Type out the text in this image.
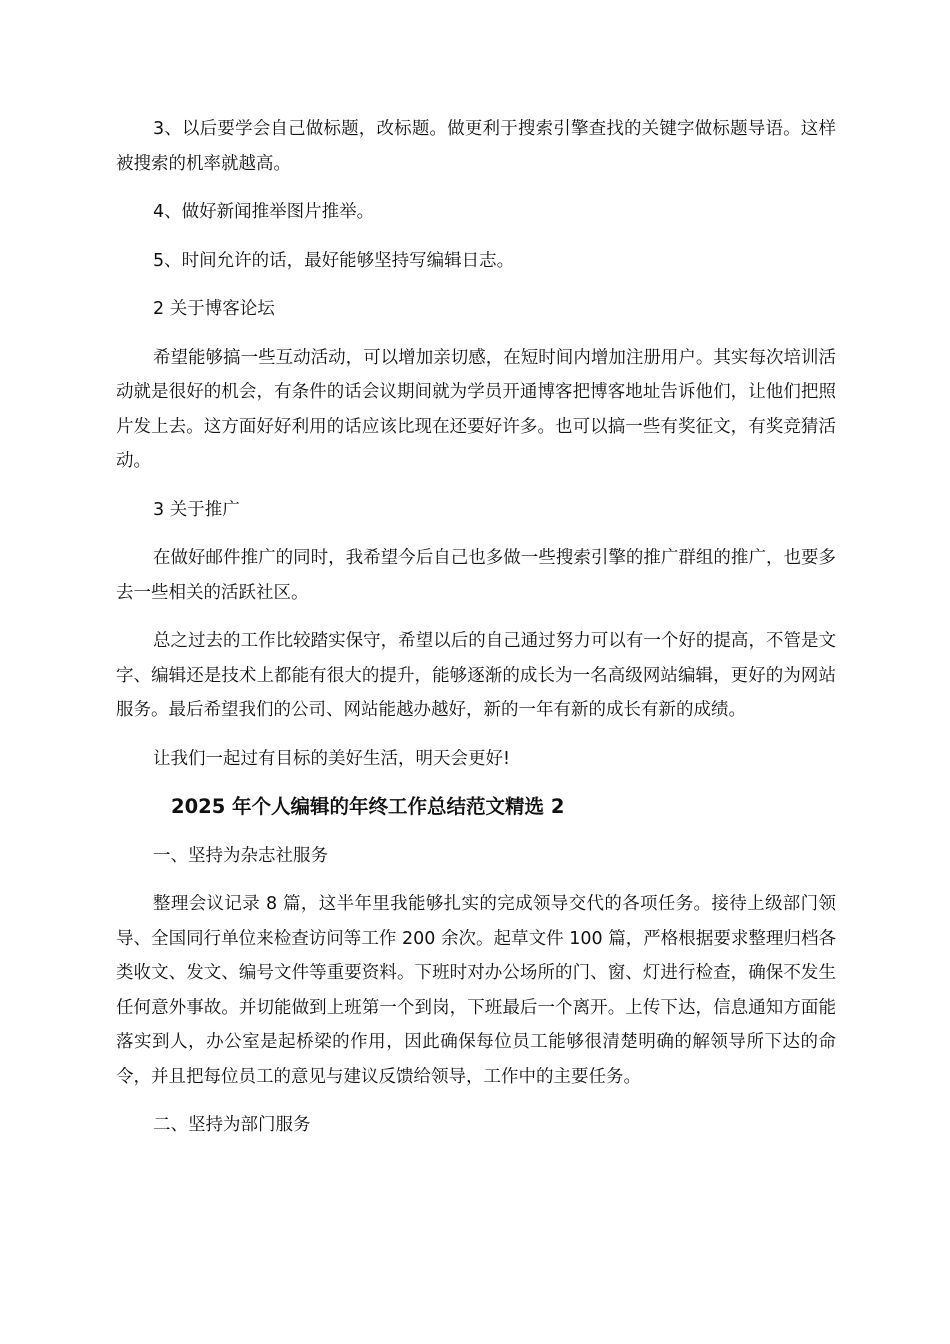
3、以后要学会自己做标题，改标题。做更利于搜索引擎查找的关键字做标题导语。这样被搜索的机率就越高。

4、做好新闻推举图片推举。

5、时间允许的话，最好能够坚持写编辑日志。

2 关于博客论坛

希望能够搞一些互动活动，可以增加亲切感，在短时间内增加注册用户。其实每次培训活动就是很好的机会，有条件的话会议期间就为学员开通博客把博客地址告诉他们，让他们把照片发上去。这方面好好利用的话应该比现在还要好许多。也可以搞一些有奖征文，有奖竞猜活动。

3 关于推广

在做好邮件推广的同时，我希望今后自己也多做一些搜索引擎的推广群组的推广，也要多去一些相关的活跃社区。

总之过去的工作比较踏实保守，希望以后的自己通过努力可以有一个好的提高，不管是文字、编辑还是技术上都能有很大的提升，能够逐渐的成长为一名高级网站编辑，更好的为网站服务。最后希望我们的公司、网站能越办越好，新的一年有新的成长有新的成绩。

让我们一起过有目标的美好生活，明天会更好!

2025 年个人编辑的年终工作总结范文精选 2

一、坚持为杂志社服务

整理会议记录 8 篇，这半年里我能够扎实的完成领导交代的各项任务。接待上级部门领导、全国同行单位来检查访问等工作 200 余次。起草文件 100 篇，严格根据要求整理归档各类收文、发文、编号文件等重要资料。下班时对办公场所的门、窗、灯进行检查，确保不发生任何意外事故。并切能做到上班第一个到岗，下班最后一个离开。上传下达，信息通知方面能落实到人，办公室是起桥梁的作用，因此确保每位员工能够很清楚明确的解领导所下达的命令，并且把每位员工的意见与建议反馈给领导，工作中的主要任务。

二、坚持为部门服务
